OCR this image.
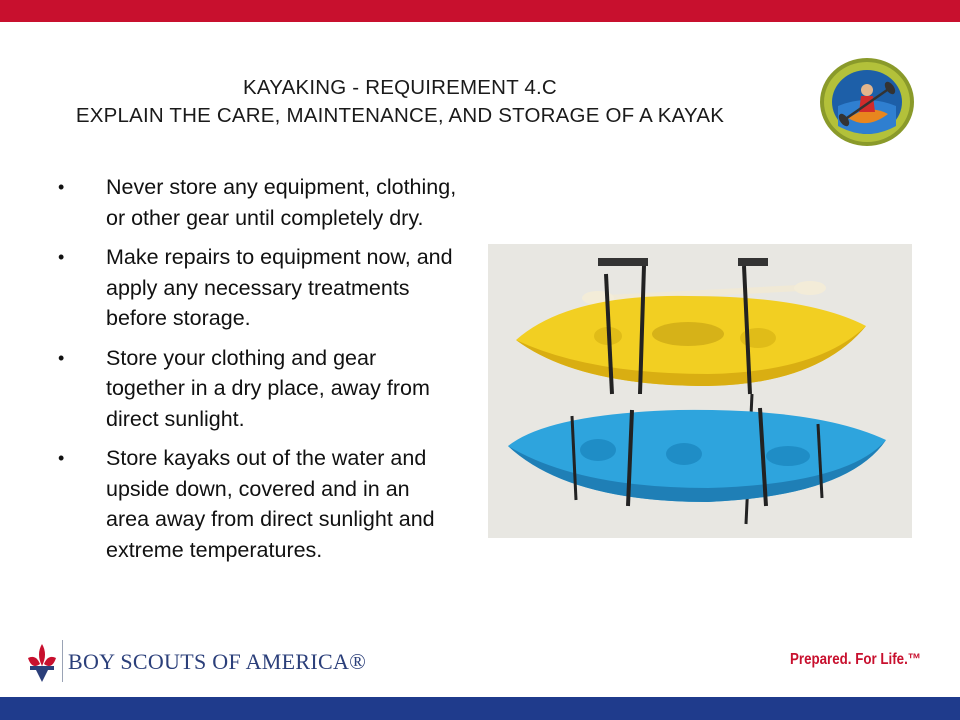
KAYAKING - REQUIREMENT 4.C
EXPLAIN THE CARE, MAINTENANCE, AND STORAGE OF A KAYAK
• Never store any equipment, clothing, or other gear until completely dry.
• Make repairs to equipment now, and apply any necessary treatments before storage.
• Store your clothing and gear together in a dry place, away from direct sunlight.
• Store kayaks out of the water and upside down, covered and in an area away from direct sunlight and extreme temperatures.
BOY SCOUTS OF AMERICA®	Prepared. For Life.™
